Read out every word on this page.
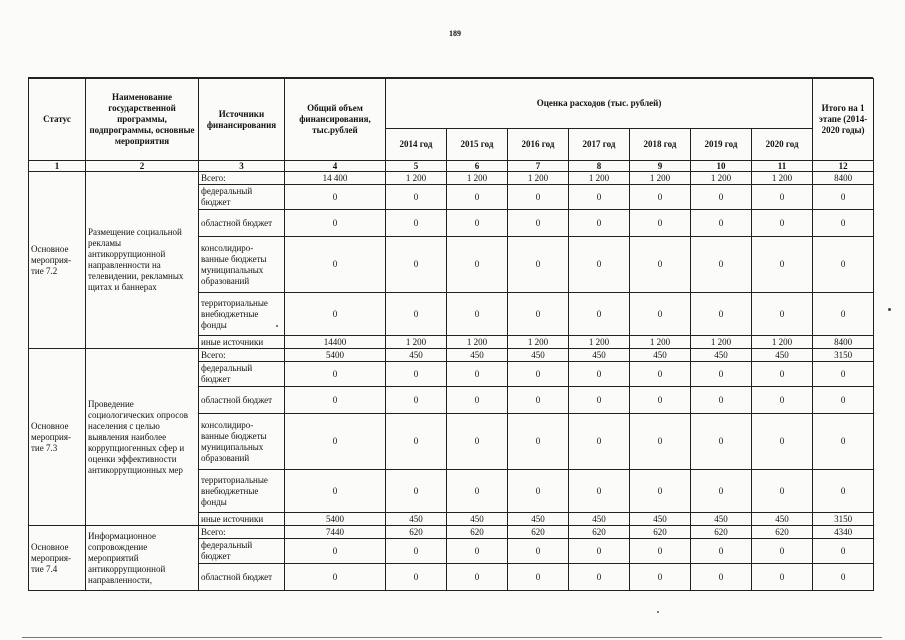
189
Статус	Наименование государственной программы, подпрограммы, основные мероприятия	Источники финансирования	Общий объем финансирования, тыс.рублей	Оценка расходов (тыс. рублей)							Итого на 1 этапе (2014-2020 годы)
				2014 год	2015 год	2016 год	2017 год	2018 год	2019 год	2020 год	
1	2	3	4	5	6	7	8	9	10	11	12
Основное мероприя- тие 7.2	Размещение социальной рекламы антикоррупционной направленности на телевидении, рекламных щитах и баннерах	Всего:	14 400	1 200	1 200	1 200	1 200	1 200	1 200	1 200	8400
		федеральный бюджет	0	0	0	0	0	0	0	0	0
		областной бюджет	0	0	0	0	0	0	0	0	0
		консолидиро- ванные бюджеты муниципальных образований	0	0	0	0	0	0	0	0	0
		территориальные внебюджетные фонды	0	0	0	0	0	0	0	0	0
		иные источники	14400	1 200	1 200	1 200	1 200	1 200	1 200	1 200	8400
Основное мероприя- тие 7.3	Проведение социологических опросов населения с целью выявления наиболее коррупциогенных сфер и оценки эффективности антикоррупционных мер	Всего:	5400	450	450	450	450	450	450	450	3150
		федеральный бюджет	0	0	0	0	0	0	0	0	0
		областной бюджет	0	0	0	0	0	0	0	0	0
		консолидиро- ванные бюджеты муниципальных образований	0	0	0	0	0	0	0	0	0
		территориальные внебюджетные фонды	0	0	0	0	0	0	0	0	0
		иные источники	5400	450	450	450	450	450	450	450	3150
Основное мероприя- тие 7.4	Информационное сопровождение мероприятий антикоррупционной направленности,	Всего:	7440	620	620	620	620	620	620	620	4340
		федеральный бюджет	0	0	0	0	0	0	0	0	0
		областной бюджет	0	0	0	0	0	0	0	0	0
